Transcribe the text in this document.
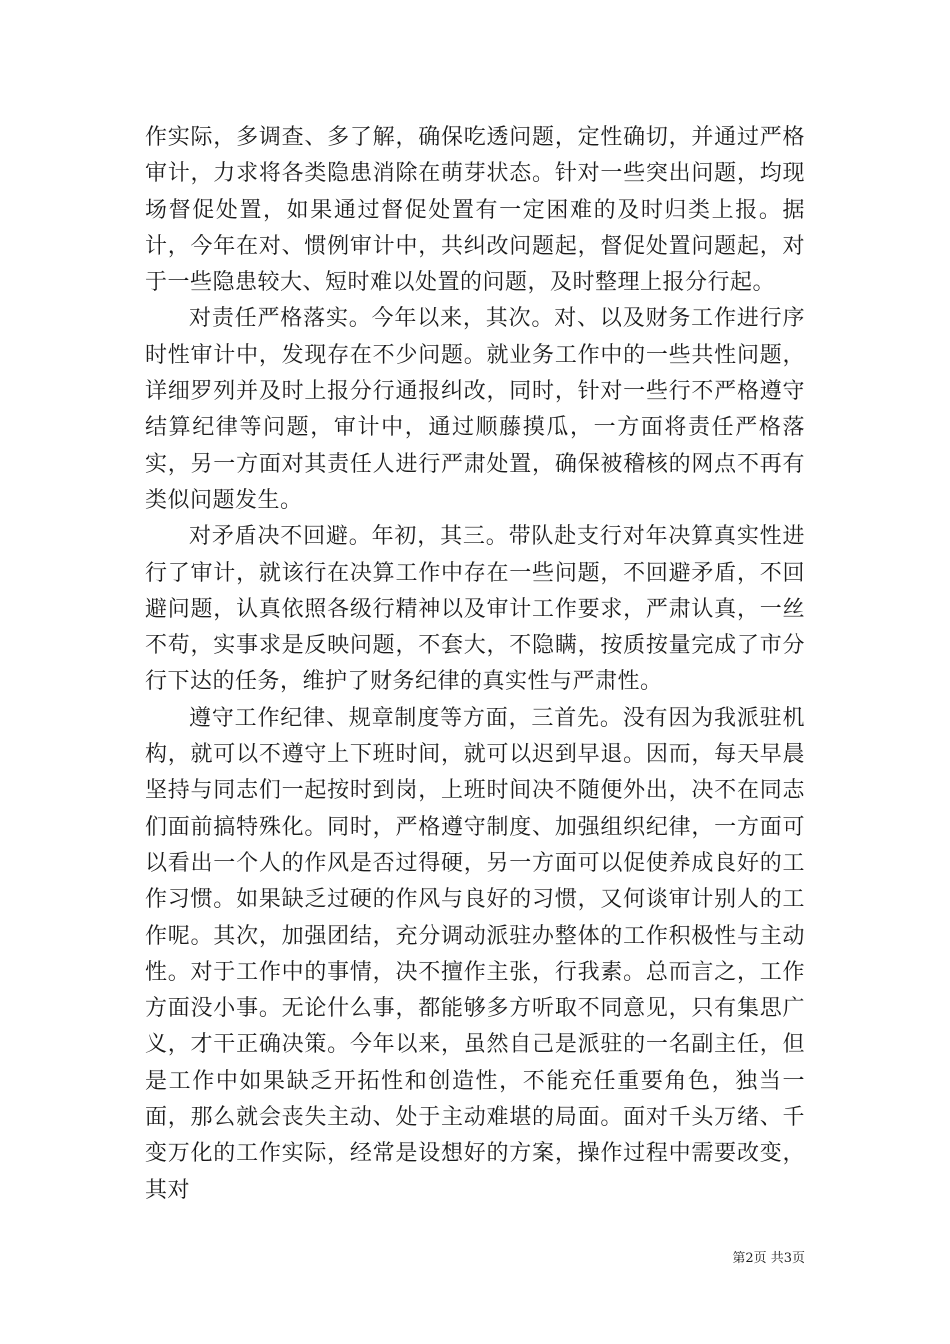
作实际，多调查、多了解，确保吃透问题，定性确切，并通过严格审计，力求将各类隐患消除在萌芽状态。针对一些突出问题，均现场督促处置，如果通过督促处置有一定困难的及时归类上报。据计，今年在对、惯例审计中，共纠改问题起，督促处置问题起，对于一些隐患较大、短时难以处置的问题，及时整理上报分行起。

对责任严格落实。今年以来，其次。对、以及财务工作进行序时性审计中，发现存在不少问题。就业务工作中的一些共性问题，详细罗列并及时上报分行通报纠改，同时，针对一些行不严格遵守结算纪律等问题，审计中，通过顺藤摸瓜，一方面将责任严格落实，另一方面对其责任人进行严肃处置，确保被稽核的网点不再有类似问题发生。

对矛盾决不回避。年初，其三。带队赴支行对年决算真实性进行了审计，就该行在决算工作中存在一些问题，不回避矛盾，不回避问题，认真依照各级行精神以及审计工作要求，严肃认真，一丝不苟，实事求是反映问题，不套大，不隐瞒，按质按量完成了市分行下达的任务，维护了财务纪律的真实性与严肃性。

遵守工作纪律、规章制度等方面，三首先。没有因为我派驻机构，就可以不遵守上下班时间，就可以迟到早退。因而，每天早晨坚持与同志们一起按时到岗，上班时间决不随便外出，决不在同志们面前搞特殊化。同时，严格遵守制度、加强组织纪律，一方面可以看出一个人的作风是否过得硬，另一方面可以促使养成良好的工作习惯。如果缺乏过硬的作风与良好的习惯，又何谈审计别人的工作呢。其次，加强团结，充分调动派驻办整体的工作积极性与主动性。对于工作中的事情，决不擅作主张，行我素。总而言之，工作方面没小事。无论什么事，都能够多方听取不同意见，只有集思广义，才干正确决策。今年以来，虽然自己是派驻的一名副主任，但是工作中如果缺乏开拓性和创造性，不能充任重要角色，独当一面，那么就会丧失主动、处于主动难堪的局面。面对千头万绪、千变万化的工作实际，经常是设想好的方案，操作过程中需要改变，其对

第2页 共3页
